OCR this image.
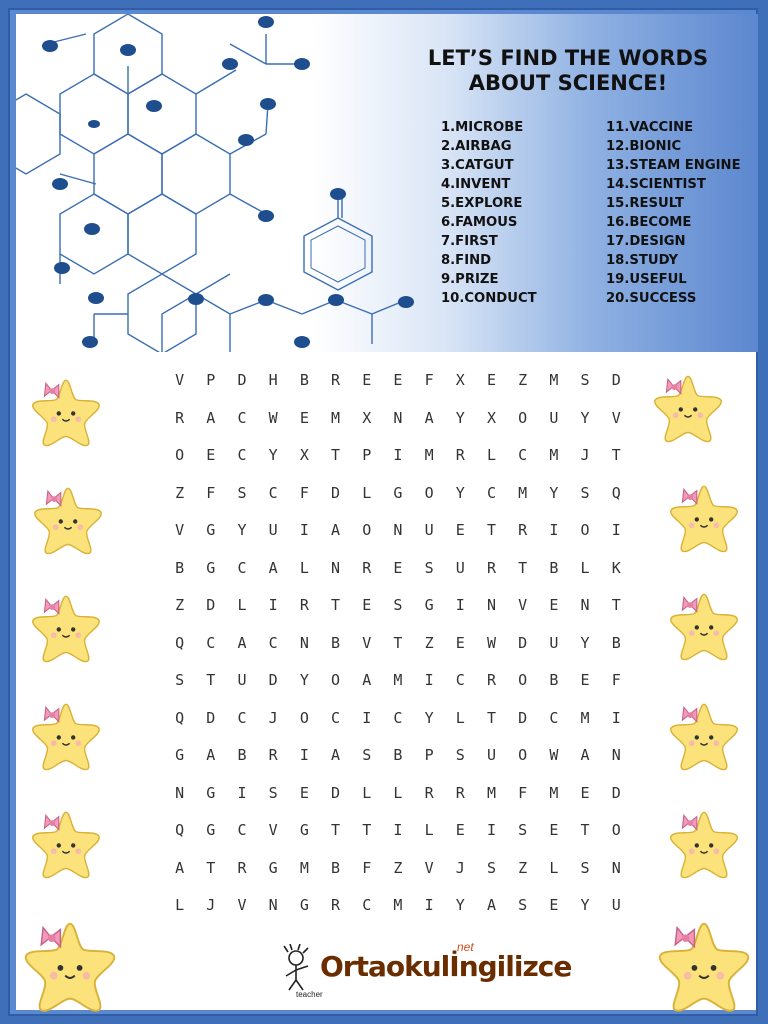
LET’S FIND THE WORDS ABOUT SCIENCE!
1.MICROBE
2.AIRBAG
3.CATGUT
4.INVENT
5.EXPLORE
6.FAMOUS
7.FIRST
8.FIND
9.PRIZE
10.CONDUCT
11.VACCINE
12.BIONIC
13.STEAM ENGINE
14.SCIENTIST
15.RESULT
16.BECOME
17.DESIGN
18.STUDY
19.USEFUL
20.SUCCESS
V	P	D	H	B	R	E	E	F	X	E	Z	M	S	D
R	A	C	W	E	M	X	N	A	Y	X	O	U	Y	V
O	E	C	Y	X	T	P	I	M	R	L	C	M	J	T
Z	F	S	C	F	D	L	G	O	Y	C	M	Y	S	Q
V	G	Y	U	I	A	O	N	U	E	T	R	I	O	I
B	G	C	A	L	N	R	E	S	U	R	T	B	L	K
Z	D	L	I	R	T	E	S	G	I	N	V	E	N	T
Q	C	A	C	N	B	V	T	Z	E	W	D	U	Y	B
S	T	U	D	Y	O	A	M	I	C	R	O	B	E	F
Q	D	C	J	O	C	I	C	Y	L	T	D	C	M	I
G	A	B	R	I	A	S	B	P	S	U	O	W	A	N
N	G	I	S	E	D	L	L	R	R	M	F	M	E	D
Q	G	C	V	G	T	T	I	L	E	I	S	E	T	O
A	T	R	G	M	B	F	Z	V	J	S	Z	L	S	N
L	J	V	N	G	R	C	M	I	Y	A	S	E	Y	U
Ortaokulİngilizce
net
teacher
